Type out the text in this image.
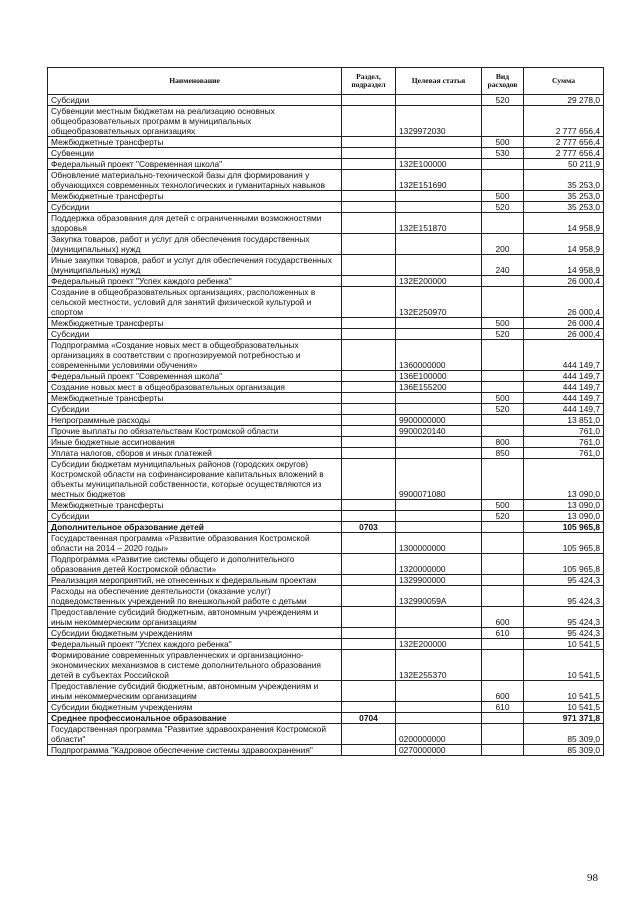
Наименование	Раздел, подраздел	Целевая статья	Вид расходов	Сумма
Субсидии			520	29 278,0
Субвенции местным бюджетам на реализацию основных общеобразовательных программ в муниципальных общеобразовательных организациях		1329972030		2 777 656,4
Межбюджетные трансферты			500	2 777 656,4
Субвенции			530	2 777 656,4
Федеральный проект "Современная школа"		132E100000		50 211,9
Обновление материально-технической базы для формирования у обучающихся современных технологических и гуманитарных навыков		132E151690		35 253,0
Межбюджетные трансферты			500	35 253,0
Субсидии			520	35 253,0
Поддержка образования для детей с ограниченными возможностями здоровья		132E151870		14 958,9
Закупка товаров, работ и услуг для обеспечения государственных (муниципальных) нужд			200	14 958,9
Иные закупки товаров, работ и услуг для обеспечения государственных (муниципальных) нужд			240	14 958,9
Федеральный проект "Успех каждого ребенка"		132E200000		26 000,4
Создание в общеобразовательных организациях, расположенных в сельской местности, условий для занятий физической культурой и спортом		132E250970		26 000,4
Межбюджетные трансферты			500	26 000,4
Субсидии			520	26 000,4
Подпрограмма «Создание новых мест в общеобразовательных организациях в соответствии с прогнозируемой потребностью и современными условиями обучения»		1360000000		444 149,7
Федеральный проект "Современная школа"		136E100000		444 149,7
Создание новых мест в общеобразовательных организация		136E155200		444 149,7
Межбюджетные трансферты			500	444 149,7
Субсидии			520	444 149,7
Непрограммные расходы		9900000000		13 851,0
Прочие выплаты по обязательствам Костромской области		9900020140		761,0
Иные бюджетные ассигнования			800	761,0
Уплата налогов, сборов и иных платежей			850	761,0
Субсидии бюджетам муниципальных районов (городских округов) Костромской области на софинансирование капитальных вложений в объекты муниципальной собственности, которые осуществляются из местных бюджетов		9900071080		13 090,0
Межбюджетные трансферты			500	13 090,0
Субсидии			520	13 090,0
Дополнительное образование детей	0703			105 965,8
Государственная программа «Развитие образования Костромской области на 2014 – 2020 годы»		1300000000		105 965,8
Подпрограмма «Развитие системы общего и дополнительного образования детей Костромской области»		1320000000		105 965,8
Реализация мероприятий, не отнесенных к федеральным проектам		1329900000		95 424,3
Расходы на обеспечение деятельности (оказание услуг) подведомственных учреждений по внешкольной работе с детьми		132990059А		95 424,3
Предоставление субсидий бюджетным, автономным учреждениям и иным некоммерческим организациям			600	95 424,3
Субсидии бюджетным учреждениям			610	95 424,3
Федеральный проект "Успех каждого ребенка"		132E200000		10 541,5
Формирование современных управленческих и организационно-экономических механизмов в системе дополнительного образования детей в субъектах Российской		132E255370		10 541,5
Предоставление субсидий бюджетным, автономным учреждениям и иным некоммерческим организациям			600	10 541,5
Субсидии бюджетным учреждениям			610	10 541,5
Среднее профессиональное образование	0704			971 371,8
Государственная программа "Развитие здравоохранения Костромской области"		0200000000		85 309,0
Подпрограмма "Кадровое обеспечение системы здравоохранения"		0270000000		85 309,0
98
